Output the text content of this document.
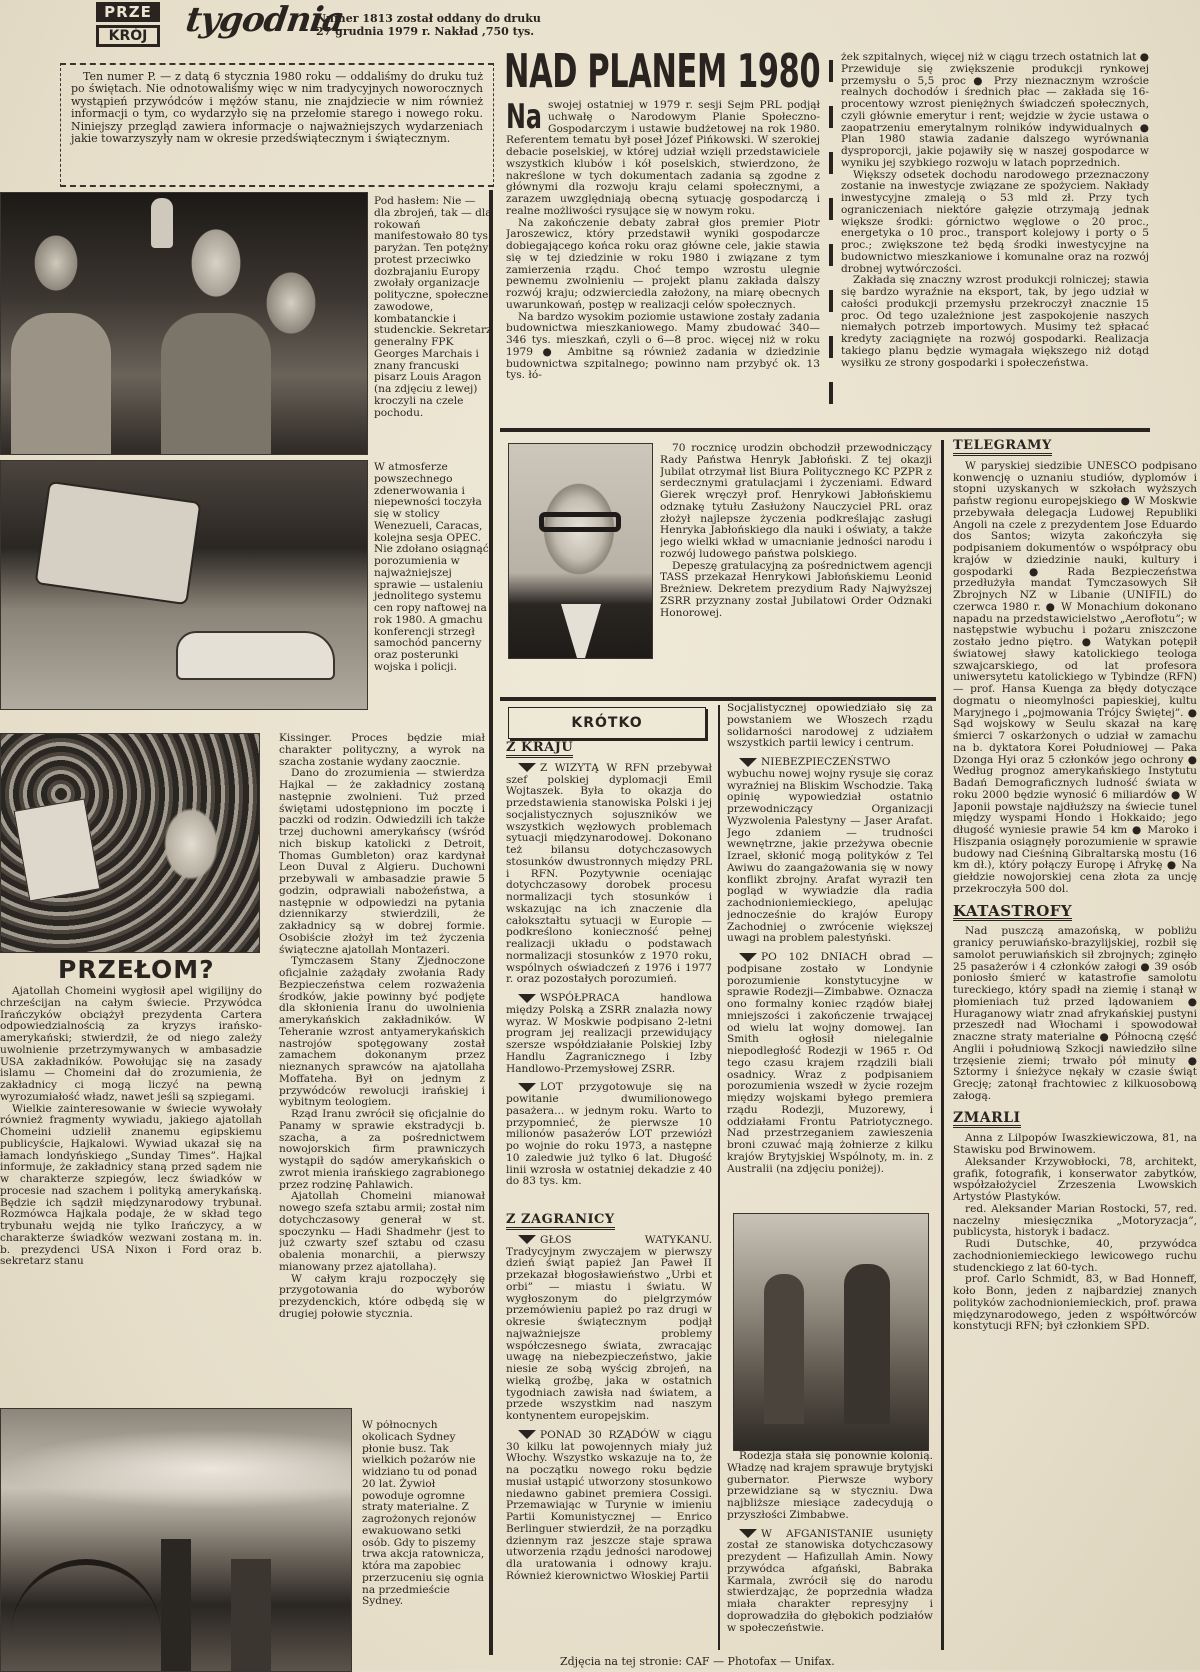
PRZE
KRÓJ	tygodnia
Numer 1813 został oddany do druku
27 grudnia 1979 r. Nakład ,750 tys.

Ten numer P. — z datą 6 stycznia 1980 roku — oddaliśmy do druku tuż po świętach. Nie odnotowaliśmy więc w nim tradycyjnych noworocznych wystąpień przywódców i mężów stanu, nie znajdziecie w nim również informacji o tym, co wydarzyło się na przełomie starego i nowego roku. Niniejszy przegląd zawiera informacje o najważniejszych wydarzeniach jakie towarzyszyły nam w okresie przedświątecznym i świątecznym.

Pod hasłem: Nie — dla zbrojeń, tak — dla rokowań manifestowało 80 tys. paryżan. Ten potężny protest przeciwko dozbrajaniu Europy zwołały organizacje polityczne, społeczne, zawodowe, kombatanckie i studenckie. Sekretarz generalny FPK Georges Marchais i znany francuski pisarz Louis Aragon (na zdjęciu z lewej) kroczyli na czele pochodu.
W atmosferze powszechnego zdenerwowania i niepewności toczyła się w stolicy Wenezueli, Caracas, kolejna sesja OPEC. Nie zdołano osiągnąć porozumienia w najważniejszej sprawie — ustaleniu jednolitego systemu cen ropy naftowej na rok 1980. A gmachu konferencji strzegł samochód pancerny oraz posterunki wojska i policji.
PRZEŁOM?

Ajatollah Chomeini wygłosił apel wigilijny do chrześcijan na całym świecie. Przywódca Irańczyków obciążył prezydenta Cartera odpowiedzialnością za kryzys irańsko-amerykański; stwierdził, że od niego zależy uwolnienie przetrzymywanych w ambasadzie USA zakładników. Powołując się na zasady islamu — Chomeini dał do zrozumienia, że zakładnicy ci mogą liczyć na pewną wyrozumiałość władz, nawet jeśli są szpiegami.

Wielkie zainteresowanie w świecie wywołały również fragmenty wywiadu, jakiego ajatollah Chomeini udzielił znanemu egipskiemu publicyście, Hajkalowi. Wywiad ukazał się na łamach londyńskiego „Sunday Times”. Hajkal informuje, że zakładnicy staną przed sądem nie w charakterze szpiegów, lecz świadków w procesie nad szachem i polityką amerykańską. Będzie ich sądził międzynarodowy trybunał. Rozmówca Hajkala podaje, że w skład tego trybunału wejdą nie tylko Irańczycy, a w charakterze świadków wezwani zostaną m. in. b. prezydenci USA Nixon i Ford oraz b. sekretarz stanu

Kissinger. Proces będzie miał charakter polityczny, a wyrok na szacha zostanie wydany zaocznie.

Dano do zrozumienia — stwierdza Hajkal — że zakładnicy zostaną następnie zwolnieni. Tuż przed świętami udostępniono im pocztę i paczki od rodzin. Odwiedzili ich także trzej duchowni amerykańscy (wśród nich biskup katolicki z Detroit, Thomas Gumbleton) oraz kardynał Leon Duval z Algieru. Duchowni przebywali w ambasadzie prawie 5 godzin, odprawiali nabożeństwa, a następnie w odpowiedzi na pytania dziennikarzy stwierdzili, że zakładnicy są w dobrej formie. Osobiście złożył im też życzenia świąteczne ajatollah Montazeri.

Tymczasem Stany Zjednoczone oficjalnie zażądały zwołania Rady Bezpieczeństwa celem rozważenia środków, jakie powinny być podjęte dla skłonienia Iranu do uwolnienia amerykańskich zakładników. W Teheranie wzrost antyamerykańskich nastrojów spotęgowany został zamachem dokonanym przez nieznanych sprawców na ajatollaha Moffateha. Był on jednym z przywódców rewolucji irańskiej i wybitnym teologiem.

Rząd Iranu zwrócił się oficjalnie do Panamy w sprawie ekstradycji b. szacha, a za pośrednictwem nowojorskich firm prawniczych wystąpił do sądów amerykańskich o zwrot mienia irańskiego zagrabionego przez rodzinę Pahlawich.

Ajatollah Chomeini mianował nowego szefa sztabu armii; został nim dotychczasowy generał w st. spoczynku — Hadi Shadmehr (jest to już czwarty szef sztabu od czasu obalenia monarchii, a pierwszy mianowany przez ajatollaha).

W całym kraju rozpoczęły się przygotowania do wyborów prezydenckich, które odbędą się w drugiej połowie stycznia.

W północnych okolicach Sydney płonie busz. Tak wielkich pożarów nie widziano tu od ponad 20 lat. Żywioł powoduje ogromne straty materialne. Z zagrożonych rejonów ewakuowano setki osób. Gdy to piszemy trwa akcja ratownicza, która ma zapobiec przerzuceniu się ognia na przedmieście Sydney.
NAD PLANEM 1980
Na swojej ostatniej w 1979 r. sesji Sejm PRL podjął uchwałę o Narodowym Planie Społeczno-Gospodarczym i ustawie budżetowej na rok 1980. Referentem tematu był poseł Józef Pińkowski. W szerokiej debacie poselskiej, w której udział wzięli przedstawiciele wszystkich klubów i kół poselskich, stwierdzono, że nakreślone w tych dokumentach zadania są zgodne z głównymi dla rozwoju kraju celami społecznymi, a zarazem uwzględniają obecną sytuację gospodarczą i realne możliwości rysujące się w nowym roku.

Na zakończenie debaty zabrał głos premier Piotr Jaroszewicz, który przedstawił wyniki gospodarcze dobiegającego końca roku oraz główne cele, jakie stawia się w tej dziedzinie w roku 1980 i związane z tym zamierzenia rządu. Choć tempo wzrostu ulegnie pewnemu zwolnieniu — projekt planu zakłada dalszy rozwój kraju; odzwierciedla założony, na miarę obecnych uwarunkowań, postęp w realizacji celów społecznych.

Na bardzo wysokim poziomie ustawione zostały zadania budownictwa mieszkaniowego. Mamy zbudować 340—346 tys. mieszkań, czyli o 6—8 proc. więcej niż w roku 1979 ● Ambitne są również zadania w dziedzinie budownictwa szpitalnego; powinno nam przybyć ok. 13 tys. łó-

żek szpitalnych, więcej niż w ciągu trzech ostatnich lat ● Przewiduje się zwiększenie produkcji rynkowej przemysłu o 5,5 proc ● Przy nieznacznym wzroście realnych dochodów i średnich płac — zakłada się 16-procentowy wzrost pieniężnych świadczeń społecznych, czyli głównie emerytur i rent; wejdzie w życie ustawa o zaopatrzeniu emerytalnym rolników indywidualnych ● Plan 1980 stawia zadanie dalszego wyrównania dysproporcji, jakie pojawiły się w naszej gospodarce w wyniku jej szybkiego rozwoju w latach poprzednich.

Większy odsetek dochodu narodowego przeznaczony zostanie na inwestycje związane ze spożyciem. Nakłady inwestycyjne zmaleją o 53 mld zł. Przy tych ograniczeniach niektóre gałęzie otrzymają jednak większe środki: górnictwo węglowe o 20 proc., energetyka o 10 proc., transport kolejowy i porty o 5 proc.; zwiększone też będą środki inwestycyjne na budownictwo mieszkaniowe i komunalne oraz na rozwój drobnej wytwórczości.

Zakłada się znaczny wzrost produkcji rolniczej; stawia się bardzo wyraźnie na eksport, tak, by jego udział w całości produkcji przemysłu przekroczył znacznie 15 proc. Od tego uzależnione jest zaspokojenie naszych niemałych potrzeb importowych. Musimy też spłacać kredyty zaciągnięte na rozwój gospodarki. Realizacja takiego planu będzie wymagała większego niż dotąd wysiłku ze strony gospodarki i społeczeństwa.

70 rocznicę urodzin obchodził przewodniczący Rady Państwa Henryk Jabłoński. Z tej okazji Jubilat otrzymał list Biura Politycznego KC PZPR z serdecznymi gratulacjami i życzeniami. Edward Gierek wręczył prof. Henrykowi Jabłońskiemu odznakę tytułu Zasłużony Nauczyciel PRL oraz złożył najlepsze życzenia podkreślając zasługi Henryka Jabłońskiego dla nauki i oświaty, a także jego wielki wkład w umacnianie jedności narodu i rozwój ludowego państwa polskiego.

Depeszę gratulacyjną za pośrednictwem agencji TASS przekazał Henrykowi Jabłońskiemu Leonid Breżniew. Dekretem prezydium Rady Najwyższej ZSRR przyznany został Jubilatowi Order Odznaki Honorowej.

KRÓTKO
Z KRAJU

Z WIZYTĄ W RFN przebywał szef polskiej dyplomacji Emil Wojtaszek. Była to okazja do przedstawienia stanowiska Polski i jej socjalistycznych sojuszników we wszystkich węzłowych problemach sytuacji międzynarodowej. Dokonano też bilansu dotychczasowych stosunków dwustronnych między PRL i RFN. Pozytywnie oceniając dotychczasowy dorobek procesu normalizacji tych stosunków i wskazując na ich znaczenie dla całokształtu sytuacji w Europie — podkreślono konieczność pełnej realizacji układu o podstawach normalizacji stosunków z 1970 roku, wspólnych oświadczeń z 1976 i 1977 r. oraz pozostałych porozumień.

WSPÓŁPRACA handlowa między Polską a ZSRR znalazła nowy wyraz. W Moskwie podpisano 2-letni program jej realizacji przewidujący szersze współdziałanie Polskiej Izby Handlu Zagranicznego i Izby Handlowo-Przemysłowej ZSRR.

LOT przygotowuje się na powitanie dwumilionowego pasażera... w jednym roku. Warto to przypomnieć, że pierwsze 10 milionów pasażerów LOT przewiózł po wojnie do roku 1973, a następne 10 zaledwie już tylko 6 lat. Długość linii wzrosła w ostatniej dekadzie z 40 do 83 tys. km.

Z ZAGRANICY

GŁOS WATYKANU. Tradycyjnym zwyczajem w pierwszy dzień świąt papież Jan Paweł II przekazał błogosławieństwo „Urbi et orbi” — miastu i światu. W wygłoszonym do pielgrzymów przemówieniu papież po raz drugi w okresie świątecznym podjął najważniejsze problemy współczesnego świata, zwracając uwagę na niebezpieczeństwo, jakie niesie ze sobą wyścig zbrojeń, na wielką groźbę, jaka w ostatnich tygodniach zawisła nad światem, a przede wszystkim nad naszym kontynentem europejskim.

PONAD 30 RZĄDÓW w ciągu 30 kilku lat powojennych miały już Włochy. Wszystko wskazuje na to, że na początku nowego roku będzie musiał ustąpić utworzony stosunkowo niedawno gabinet premiera Cossigi. Przemawiając w Turynie w imieniu Partii Komunistycznej — Enrico Berlinguer stwierdził, że na porządku dziennym raz jeszcze staje sprawa utworzenia rządu jedności narodowej dla uratowania i odnowy kraju. Również kierownictwo Włoskiej Partii

Socjalistycznej opowiedziało się za powstaniem we Włoszech rządu solidarności narodowej z udziałem wszystkich partii lewicy i centrum.

NIEBEZPIECZEŃSTWO wybuchu nowej wojny rysuje się coraz wyraźniej na Bliskim Wschodzie. Taką opinię wypowiedział ostatnio przewodniczący Organizacji Wyzwolenia Palestyny — Jaser Arafat. Jego zdaniem — trudności wewnętrzne, jakie przeżywa obecnie Izrael, skłonić mogą polityków z Tel Awiwu do zaangażowania się w nowy konflikt zbrojny. Arafat wyraził ten pogląd w wywiadzie dla radia zachodnioniemieckiego, apelując jednocześnie do krajów Europy Zachodniej o zwrócenie większej uwagi na problem palestyński.

PO 102 DNIACH obrad — podpisane zostało w Londynie porozumienie konstytucyjne w sprawie Rodezji—Zimbabwe. Oznacza ono formalny koniec rządów białej mniejszości i zakończenie trwającej od wielu lat wojny domowej. Ian Smith ogłosił nielegalnie niepodległość Rodezji w 1965 r. Od tego czasu krajem rządzili biali osadnicy. Wraz z podpisaniem porozumienia wszedł w życie rozejm między wojskami byłego premiera rządu Rodezji, Muzorewy, i oddziałami Frontu Patriotycznego. Nad przestrzeganiem zawieszenia broni czuwać mają żołnierze z kilku krajów Brytyjskiej Wspólnoty, m. in. z Australii (na zdjęciu poniżej).

Rodezja stała się ponownie kolonią. Władzę nad krajem sprawuje brytyjski gubernator. Pierwsze wybory przewidziane są w styczniu. Dwa najbliższe miesiące zadecydują o przyszłości Zimbabwe.

W AFGANISTANIE usunięty został ze stanowiska dotychczasowy prezydent — Hafizullah Amin. Nowy przywódca afgański, Babraka Karmala, zwrócił się do narodu stwierdzając, że poprzednia władza miała charakter represyjny i doprowadziła do głębokich podziałów w społeczeństwie.

TELEGRAMY

W paryskiej siedzibie UNESCO podpisano konwencję o uznaniu studiów, dyplomów i stopni uzyskanych w szkołach wyższych państw regionu europejskiego ● W Moskwie przebywała delegacja Ludowej Republiki Angoli na czele z prezydentem Jose Eduardo dos Santos; wizyta zakończyła się podpisaniem dokumentów o współpracy obu krajów w dziedzinie nauki, kultury i gospodarki ● Rada Bezpieczeństwa przedłużyła mandat Tymczasowych Sił Zbrojnych NZ w Libanie (UNIFIL) do czerwca 1980 r. ● W Monachium dokonano napadu na przedstawicielstwo „Aerofłotu”; w następstwie wybuchu i pożaru zniszczone zostało jedno piętro. ● Watykan potępił światowej sławy katolickiego teologa szwajcarskiego, od lat profesora uniwersytetu katolickiego w Tybindze (RFN) — prof. Hansa Kuenga za błędy dotyczące dogmatu o nieomylności papieskiej, kultu Maryjnego i „pojmowania Trójcy Świętej”. ● Sąd wojskowy w Seulu skazał na karę śmierci 7 oskarżonych o udział w zamachu na b. dyktatora Korei Południowej — Paka Dzonga Hyi oraz 5 członków jego ochrony ● Według prognoz amerykańskiego Instytutu Badań Demograficznych ludność świata w roku 2000 będzie wynosić 6 miliardów ● W Japonii powstaje najdłuższy na świecie tunel między wyspami Hondo i Hokkaido; jego długość wyniesie prawie 54 km ● Maroko i Hiszpania osiągnęły porozumienie w sprawie budowy nad Cieśniną Gibraltarską mostu (16 km dł.), który połączy Europę i Afrykę ● Na giełdzie nowojorskiej cena złota za uncję przekroczyła 500 dol.

KATASTROFY

Nad puszczą amazońską, w pobliżu granicy peruwiańsko-brazylijskiej, rozbił się samolot peruwiańskich sił zbrojnych; zginęło 25 pasażerów i 4 członków załogi ● 39 osób poniosło śmierć w katastrofie samolotu tureckiego, który spadł na ziemię i stanął w płomieniach tuż przed lądowaniem ● Huraganowy wiatr znad afrykańskiej pustyni przeszedł nad Włochami i spowodował znaczne straty materialne ● Północną część Anglii i południową Szkocji nawiedziło silne trzęsienie ziemi; trwało pół minuty ● Sztormy i śnieżyce nękały w czasie świąt Grecję; zatonął frachtowiec z kilkuosobową załogą.

ZMARLI

Anna z Lilpopów Iwaszkiewiczowa, 81, na Stawisku pod Brwinowem.

Aleksander Krzywobłocki, 78, architekt, grafik, fotografik, i konserwator zabytków, współzałożyciel Zrzeszenia Lwowskich Artystów Plastyków.

red. Aleksander Marian Rostocki, 57, red. naczelny miesięcznika „Motoryzacja”, publicysta, historyk i badacz.

Rudi Dutschke, 40, przywódca zachodnioniemieckiego lewicowego ruchu studenckiego z lat 60-tych.

prof. Carlo Schmidt, 83, w Bad Honneff, koło Bonn, jeden z najbardziej znanych polityków zachodnioniemieckich, prof. prawa międzynarodowego, jeden z współtwórców konstytucji RFN; był członkiem SPD.

Zdjęcia na tej stronie: CAF — Photofax — Unifax.
